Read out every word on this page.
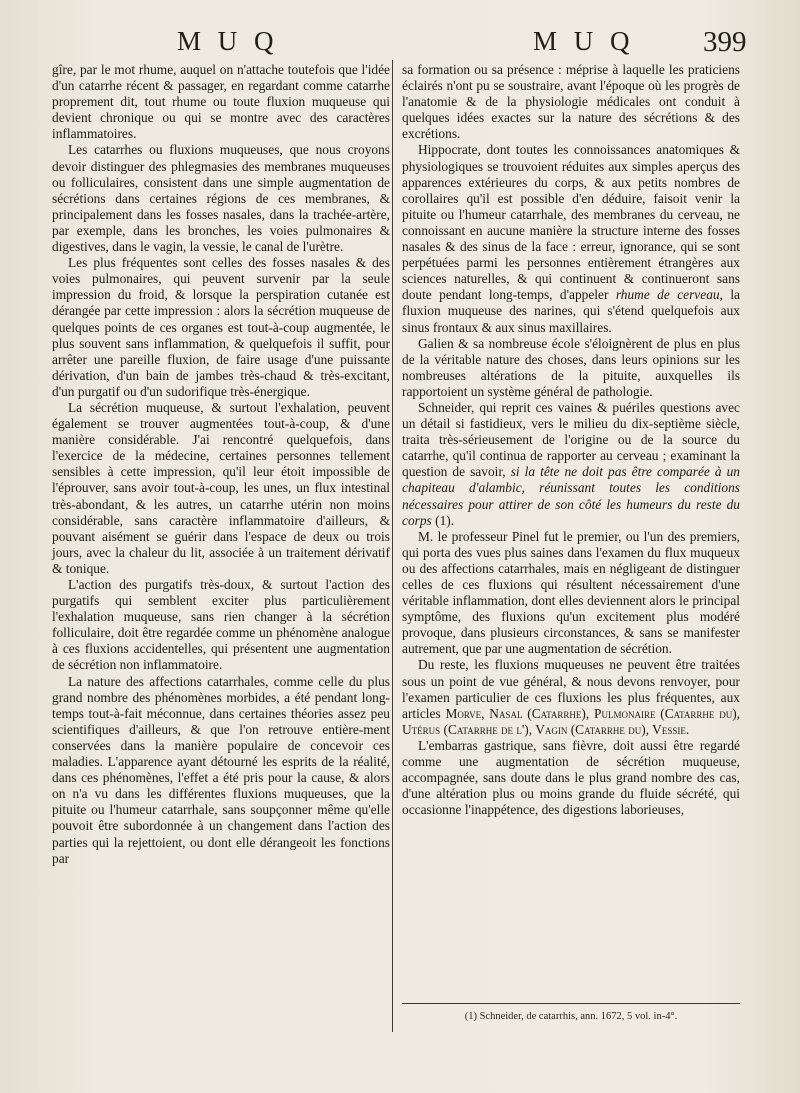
M U Q	M U Q 399

gîre, par le mot rhume, auquel on n'attache toutefois que l'idée d'un catarrhe récent & passager, en regardant comme catarrhe proprement dit, tout rhume ou toute fluxion muqueuse qui devient chronique ou qui se montre avec des caractères inflammatoires.

Les catarrhes ou fluxions muqueuses, que nous croyons devoir distinguer des phlegmasies des membranes muqueuses ou folliculaires, consistent dans une simple augmentation de sécrétions dans certaines régions de ces membranes, & principalement dans les fosses nasales, dans la trachée-artère, par exemple, dans les bronches, les voies pulmonaires & digestives, dans le vagin, la vessie, le canal de l'urètre.

Les plus fréquentes sont celles des fosses nasales & des voies pulmonaires, qui peuvent survenir par la seule impression du froid, & lorsque la perspiration cutanée est dérangée par cette impression : alors la sécrétion muqueuse de quelques points de ces organes est tout-à-coup augmentée, le plus souvent sans inflammation, & quelquefois il suffit, pour arrêter une pareille fluxion, de faire usage d'une puissante dérivation, d'un bain de jambes très-chaud & très-excitant, d'un purgatif ou d'un sudorifique très-énergique.

La sécrétion muqueuse, & surtout l'exhalation, peuvent également se trouver augmentées tout-à-coup, & d'une manière considérable. J'ai rencontré quelquefois, dans l'exercice de la médecine, certaines personnes tellement sensibles à cette impression, qu'il leur étoit impossible de l'éprouver, sans avoir tout-à-coup, les unes, un flux intestinal très-abondant, & les autres, un catarrhe utérin non moins considérable, sans caractère inflammatoire d'ailleurs, & pouvant aisément se guérir dans l'espace de deux ou trois jours, avec la chaleur du lit, associée à un traitement dérivatif & tonique.

L'action des purgatifs très-doux, & surtout l'action des purgatifs qui semblent exciter plus particulièrement l'exhalation muqueuse, sans rien changer à la sécrétion folliculaire, doit être regardée comme un phénomène analogue à ces fluxions accidentelles, qui présentent une augmentation de sécrétion non inflammatoire.

La nature des affections catarrhales, comme celle du plus grand nombre des phénomènes morbides, a été pendant long-temps tout-à-fait méconnue, dans certaines théories assez peu scientifiques d'ailleurs, & que l'on retrouve entière-ment conservées dans la manière populaire de concevoir ces maladies. L'apparence ayant détourné les esprits de la réalité, dans ces phénomènes, l'effet a été pris pour la cause, & alors on n'a vu dans les différentes fluxions muqueuses, que la pituite ou l'humeur catarrhale, sans soupçonner même qu'elle pouvoit être subordonnée à un changement dans l'action des parties qui la rejettoient, ou dont elle dérangeoit les fonctions par

sa formation ou sa présence : méprise à laquelle les praticiens éclairés n'ont pu se soustraire, avant l'époque où les progrès de l'anatomie & de la physiologie médicales ont conduit à quelques idées exactes sur la nature des sécrétions & des excrétions.

Hippocrate, dont toutes les connoissances anatomiques & physiologiques se trouvoient réduites aux simples aperçus des apparences extérieures du corps, & aux petits nombres de corollaires qu'il est possible d'en déduire, faisoit venir la pituite ou l'humeur catarrhale, des membranes du cerveau, ne connoissant en aucune manière la structure interne des fosses nasales & des sinus de la face : erreur, ignorance, qui se sont perpétuées parmi les personnes entièrement étrangères aux sciences naturelles, & qui continuent & continueront sans doute pendant long-temps, d'appeler rhume de cerveau, la fluxion muqueuse des narines, qui s'étend quelquefois aux sinus frontaux & aux sinus maxillaires.

Galien & sa nombreuse école s'éloignèrent de plus en plus de la véritable nature des choses, dans leurs opinions sur les nombreuses altérations de la pituite, auxquelles ils rapportoient un système général de pathologie.

Schneider, qui reprit ces vaines & puériles questions avec un détail si fastidieux, vers le milieu du dix-septième siècle, traita très-sérieusement de l'origine ou de la source du catarrhe, qu'il continua de rapporter au cerveau ; examinant la question de savoir, si la tête ne doit pas être comparée à un chapiteau d'alambic, réunissant toutes les conditions nécessaires pour attirer de son côté les humeurs du reste du corps (1).

M. le professeur Pinel fut le premier, ou l'un des premiers, qui porta des vues plus saines dans l'examen du flux muqueux ou des affections catarrhales, mais en négligeant de distinguer celles de ces fluxions qui résultent nécessairement d'une véritable inflammation, dont elles deviennent alors le principal symptôme, des fluxions qu'un excitement plus modéré provoque, dans plusieurs circonstances, & sans se manifester autrement, que par une augmentation de sécrétion.

Du reste, les fluxions muqueuses ne peuvent être traitées sous un point de vue général, & nous devons renvoyer, pour l'examen particulier de ces fluxions les plus fréquentes, aux articles Morve, Nasal (Catarrhe), Pulmonaire (Catarrhe du), Utérus (Catarrhe de l'), Vagin (Catarrhe du), Vessie.

L'embarras gastrique, sans fièvre, doit aussi être regardé comme une augmentation de sécrétion muqueuse, accompagnée, sans doute dans le plus grand nombre des cas, d'une altération plus ou moins grande du fluide sécrété, qui occasionne l'inappétence, des digestions laborieuses,

(1) Schneider, de catarrhis, ann. 1672, 5 vol. in-4°.
